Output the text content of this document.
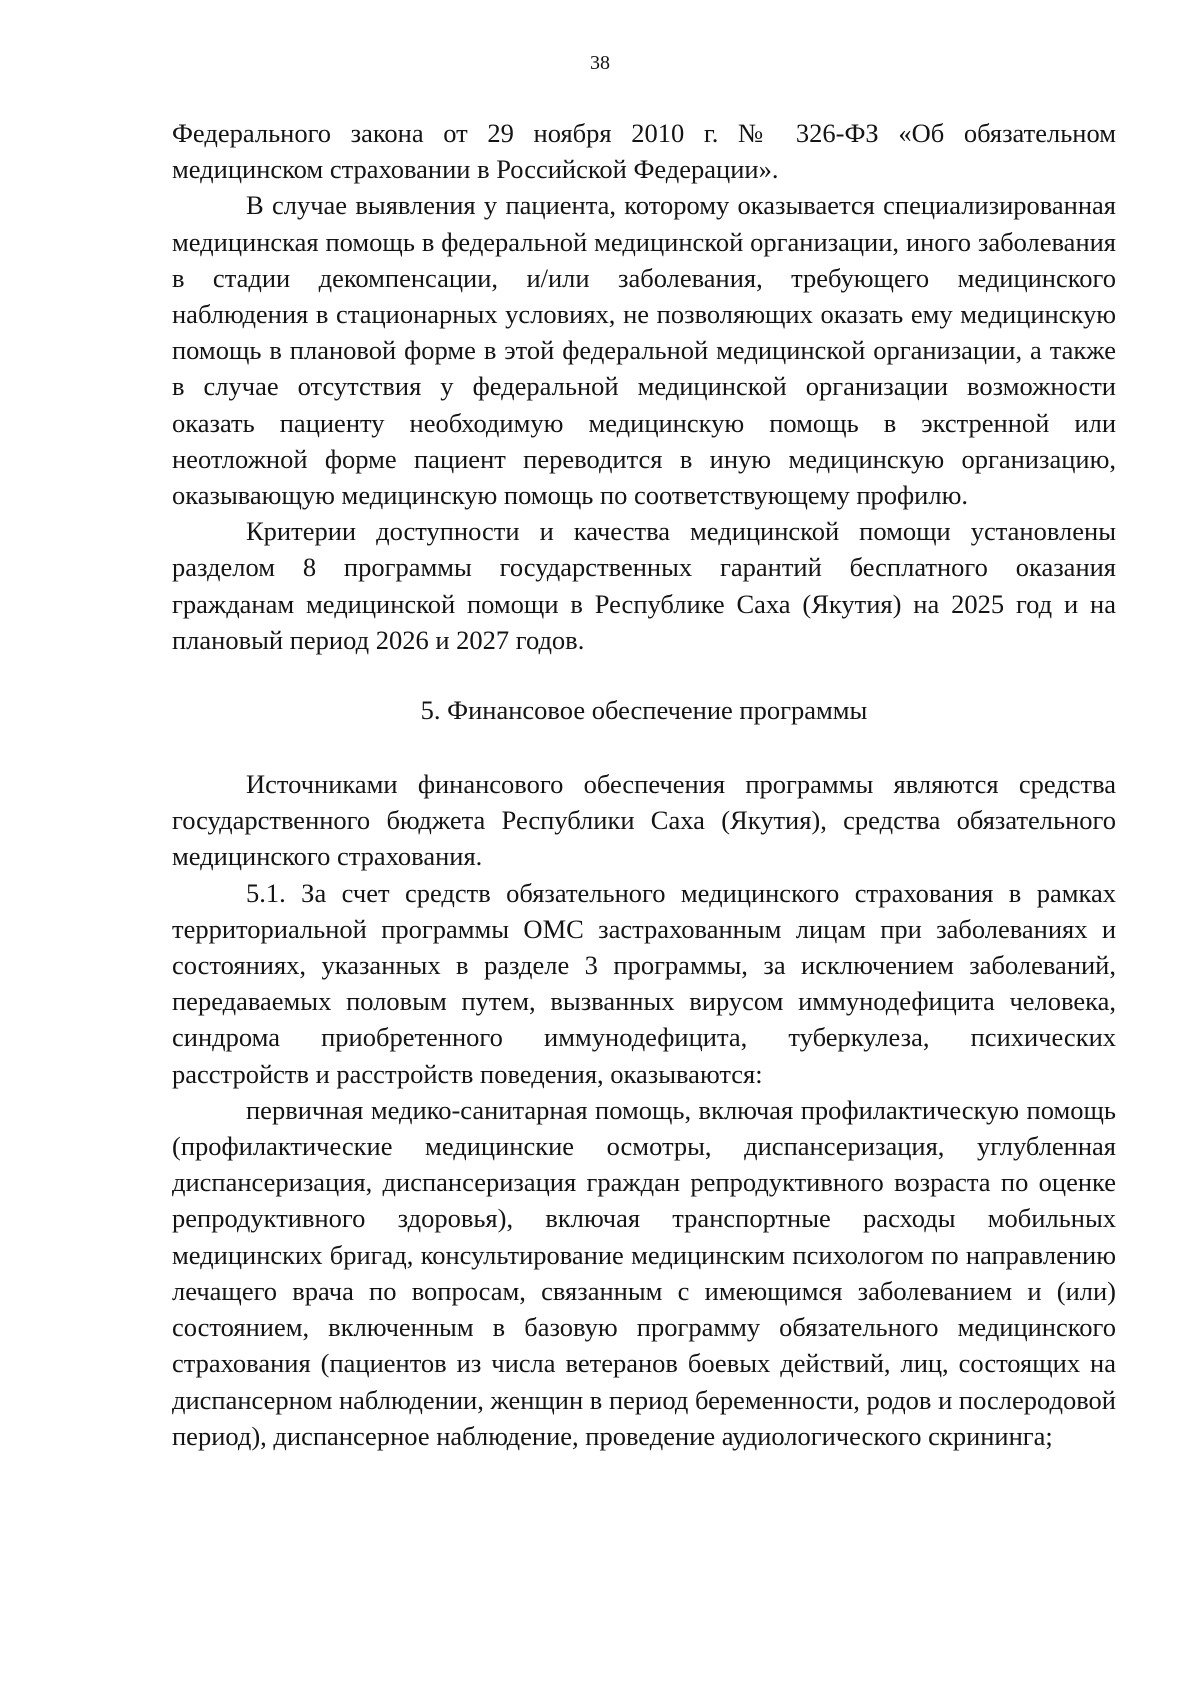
38

Федерального закона от 29 ноября 2010 г. № 326-ФЗ «Об обязательном медицинском страховании в Российской Федерации».

В случае выявления у пациента, которому оказывается специализированная медицинская помощь в федеральной медицинской организации, иного заболевания в стадии декомпенсации, и/или заболевания, требующего медицинского наблюдения в стационарных условиях, не позволяющих оказать ему медицинскую помощь в плановой форме в этой федеральной медицинской организации, а также в случае отсутствия у федеральной медицинской организации возможности оказать пациенту необходимую медицинскую помощь в экстренной или неотложной форме пациент переводится в иную медицинскую организацию, оказывающую медицинскую помощь по соответствующему профилю.

Критерии доступности и качества медицинской помощи установлены разделом 8 программы государственных гарантий бесплатного оказания гражданам медицинской помощи в Республике Саха (Якутия) на 2025 год и на плановый период 2026 и 2027 годов.

5. Финансовое обеспечение программы

Источниками финансового обеспечения программы являются средства государственного бюджета Республики Саха (Якутия), средства обязательного медицинского страхования.

5.1. За счет средств обязательного медицинского страхования в рамках территориальной программы ОМС застрахованным лицам при заболеваниях и состояниях, указанных в разделе 3 программы, за исключением заболеваний, передаваемых половым путем, вызванных вирусом иммунодефицита человека, синдрома приобретенного иммунодефицита, туберкулеза, психических расстройств и расстройств поведения, оказываются:

первичная медико-санитарная помощь, включая профилактическую помощь (профилактические медицинские осмотры, диспансеризация, углубленная диспансеризация, диспансеризация граждан репродуктивного возраста по оценке репродуктивного здоровья), включая транспортные расходы мобильных медицинских бригад, консультирование медицинским психологом по направлению лечащего врача по вопросам, связанным с имеющимся заболеванием и (или) состоянием, включенным в базовую программу обязательного медицинского страхования (пациентов из числа ветеранов боевых действий, лиц, состоящих на диспансерном наблюдении, женщин в период беременности, родов и послеродовой период), диспансерное наблюдение, проведение аудиологического скрининга;
